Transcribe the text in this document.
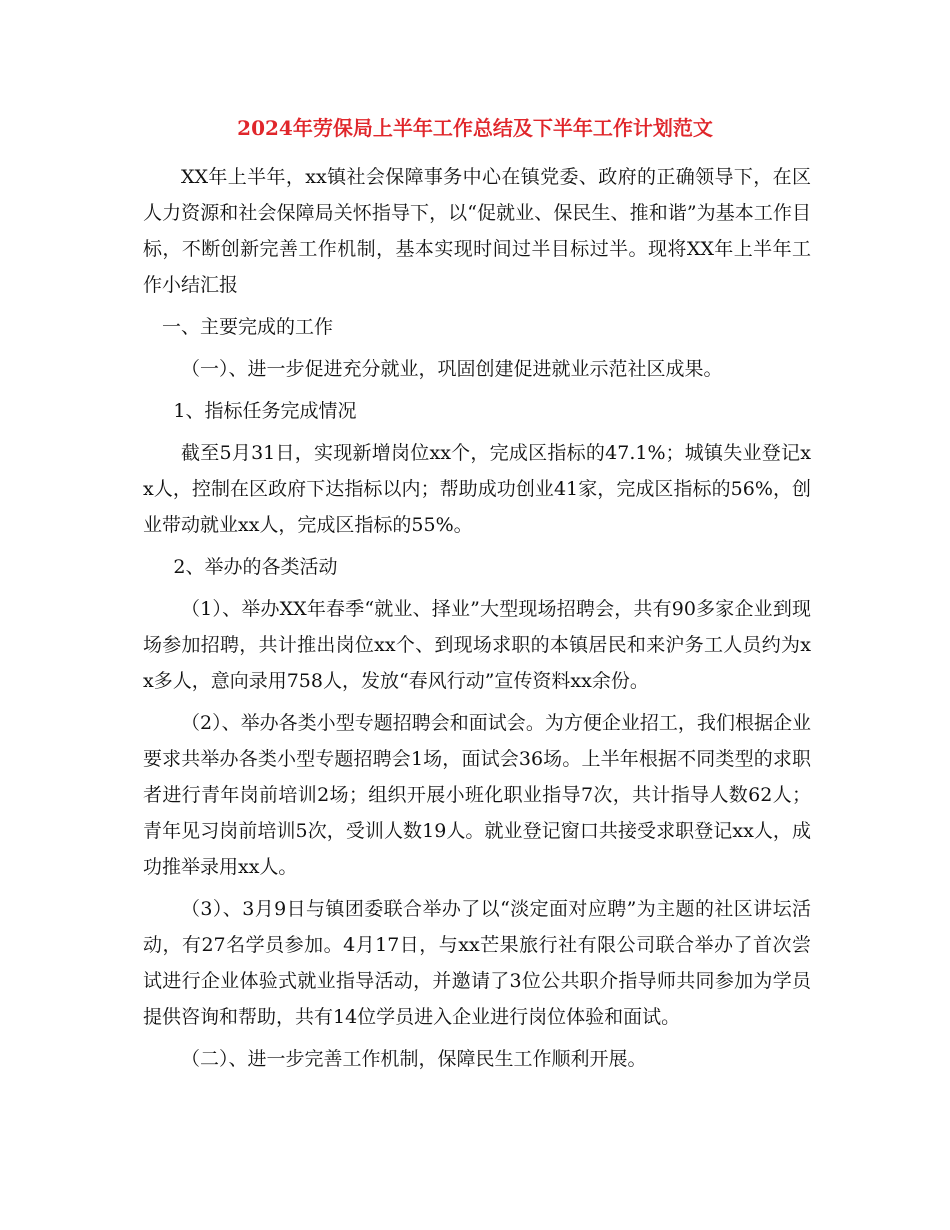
2024年劳保局上半年工作总结及下半年工作计划范文

XX年上半年，xx镇社会保障事务中心在镇党委、政府的正确领导下，在区人力资源和社会保障局关怀指导下，以“促就业、保民生、推和谐”为基本工作目标，不断创新完善工作机制，基本实现时间过半目标过半。现将XX年上半年工作小结汇报

一、主要完成的工作

（一）、进一步促进充分就业，巩固创建促进就业示范社区成果。

1、指标任务完成情况

截至5月31日，实现新增岗位xx个，完成区指标的47.1%；城镇失业登记xx人，控制在区政府下达指标以内；帮助成功创业41家，完成区指标的56%，创业带动就业xx人，完成区指标的55%。

2、举办的各类活动

（1）、举办XX年春季“就业、择业”大型现场招聘会，共有90多家企业到现场参加招聘，共计推出岗位xx个、到现场求职的本镇居民和来沪务工人员约为xx多人，意向录用758人，发放“春风行动”宣传资料xx余份。

（2）、举办各类小型专题招聘会和面试会。为方便企业招工，我们根据企业要求共举办各类小型专题招聘会1场，面试会36场。上半年根据不同类型的求职者进行青年岗前培训2场；组织开展小班化职业指导7次，共计指导人数62人；青年见习岗前培训5次，受训人数19人。就业登记窗口共接受求职登记xx人，成功推举录用xx人。

（3）、3月9日与镇团委联合举办了以“淡定面对应聘”为主题的社区讲坛活动，有27名学员参加。4月17日，与xx芒果旅行社有限公司联合举办了首次尝试进行企业体验式就业指导活动，并邀请了3位公共职介指导师共同参加为学员提供咨询和帮助，共有14位学员进入企业进行岗位体验和面试。

（二）、进一步完善工作机制，保障民生工作顺利开展。
